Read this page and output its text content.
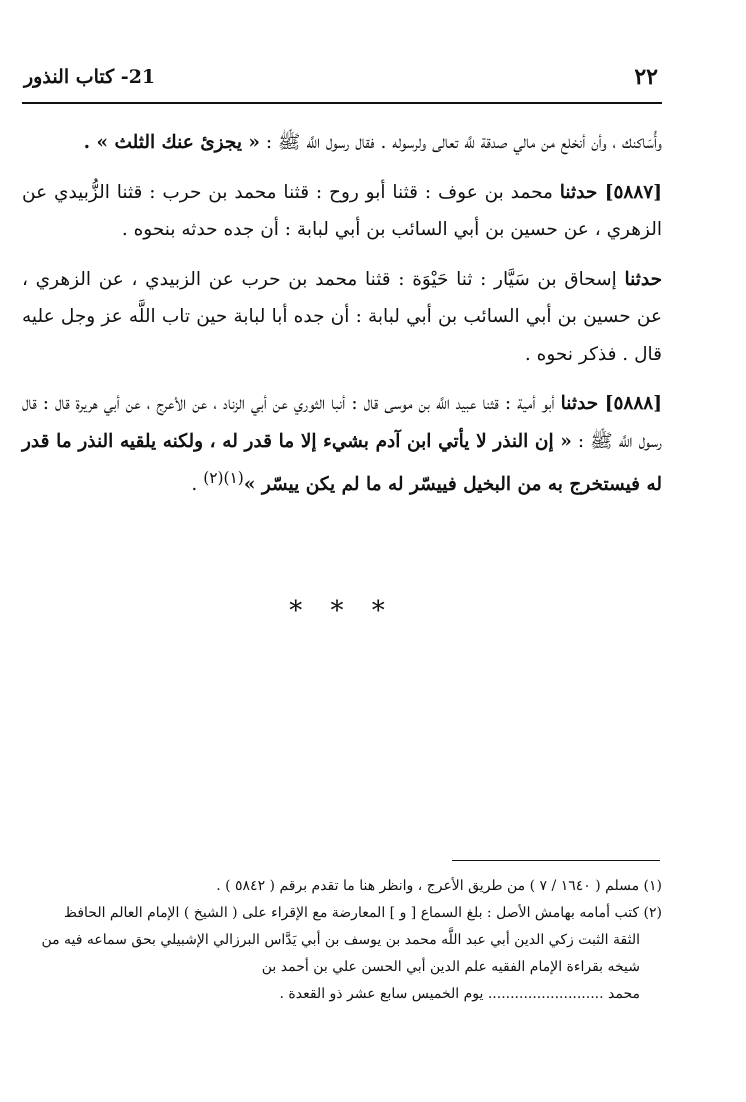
٢٢
21- كتاب النذور

وأُسَاكنك ، وأن أنخلع من مالي صدقة للَّه تعالى ولرسوله . فقال رسول اللَّه ﷺ : « يجزئ عنك الثلث » .

[٥٨٨٧] حدثنا محمد بن عوف : قثنا أبو روح : قثنا محمد بن حرب : قثنا الزُّبيدي عن الزهري ، عن حسين بن أبي السائب بن أبي لبابة : أن جده حدثه بنحوه .

حدثنا إسحاق بن سَيَّار : ثنا حَيْوَة : قثنا محمد بن حرب عن الزبيدي ، عن الزهري ، عن حسين بن أبي السائب بن أبي لبابة : أن جده أبا لبابة حين تاب اللَّه عز وجل عليه قال . فذكر نحوه .

[٥٨٨٨] حدثنا أبو أمية : قثنا عبيد اللَّه بن موسى قال : أنبا الثوري عن أبي الزناد ، عن الأعرج ، عن أبي هريرة قال : قال رسول اللَّه ﷺ : « إن النذر لا يأتي ابن آدم بشيء إلا ما قدر له ، ولكنه يلقيه النذر ما قدر له فيستخرج به من البخيل فييسّر له ما لم يكن ييسّر »$^{(١)(٢)}$ .

* * *

(١) مسلم ( ١٦٤٠ / ٧ ) من طريق الأعرج ، وانظر هنا ما تقدم برقم ( ٥٨٤٢ ) .

(٢) كتب أمامه بهامش الأصل : بلغ السماع [ و ] المعارضة مع الإقراء على ( الشيخ ) الإمام العالم الحافظ

الثقة الثبت زكي الدين أبي عبد اللَّه محمد بن يوسف بن أبي يَدَّاس البرزالي الإشبيلي بحق سماعه فيه من

شيخه بقراءة الإمام الفقيه علم الدين أبي الحسن علي بن أحمد بن

محمد .......................... يوم الخميس سابع عشر ذو القعدة .
